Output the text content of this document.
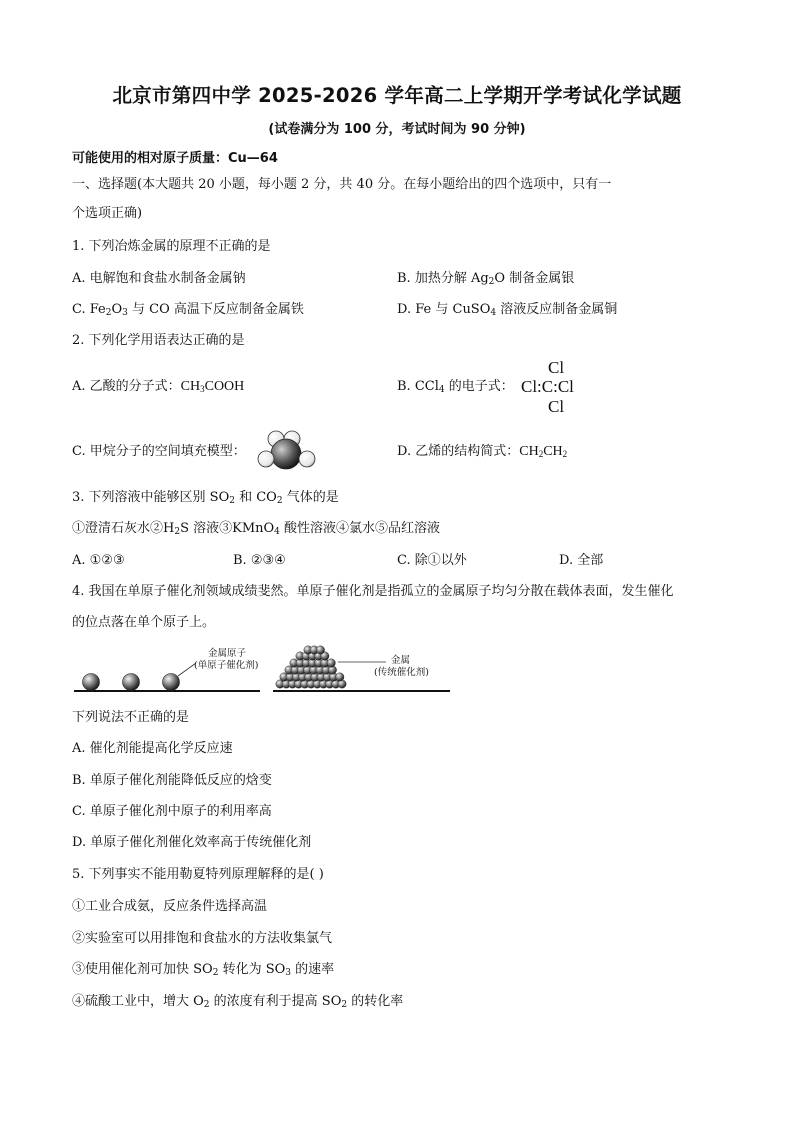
北京市第四中学 2025-2026 学年高二上学期开学考试化学试题
(试卷满分为 100 分，考试时间为 90 分钟)
可能使用的相对原子质量：Cu—64
一、选择题(本大题共 20 小题，每小题 2 分，共 40 分。在每小题给出的四个选项中，只有一
个选项正确)
1. 下列冶炼金属的原理不正确的是
A. 电解饱和食盐水制备金属钠	B. 加热分解 $Ag_2O$ 制备金属银
C. $Fe_2O_3$ 与 CO 高温下反应制备金属铁	D. Fe 与 CuSO$_4$ 溶液反应制备金属铜
2. 下列化学用语表达正确的是
A. 乙酸的分子式：$CH_3COOH$	B. CCl$_4$ 的电子式：
Cl
Cl:C:Cl
Cl
C. 甲烷分子的空间填充模型：	D. 乙烯的结构简式：$CH_2CH_2$
3. 下列溶液中能够区别 $SO_2$ 和 $CO_2$ 气体的是
①澄清石灰水$②H_2S$ 溶液③KMnO$_4$ 酸性溶液④氯水⑤品红溶液
A. ①②③	B. ②③④	C. 除①以外	D. 全部
4. 我国在单原子催化剂领域成绩斐然。单原子催化剂是指孤立的金属原子均匀分散在载体表面，发生催化
的位点落在单个原子上。
金属原子
(单原子催化剂)	金属
(传统催化剂)
下列说法不正确的是
A. 催化剂能提高化学反应速
B. 单原子催化剂能降低反应的焓变
C. 单原子催化剂中原子的利用率高
D. 单原子催化剂催化效率高于传统催化剂
5. 下列事实不能用勒夏特列原理解释的是( )
①工业合成氨，反应条件选择高温
②实验室可以用排饱和食盐水的方法收集氯气
③使用催化剂可加快 $SO_2$ 转化为 $SO_3$ 的速率
④硫酸工业中，增大 $O_2$ 的浓度有利于提高 $SO_2$ 的转化率
